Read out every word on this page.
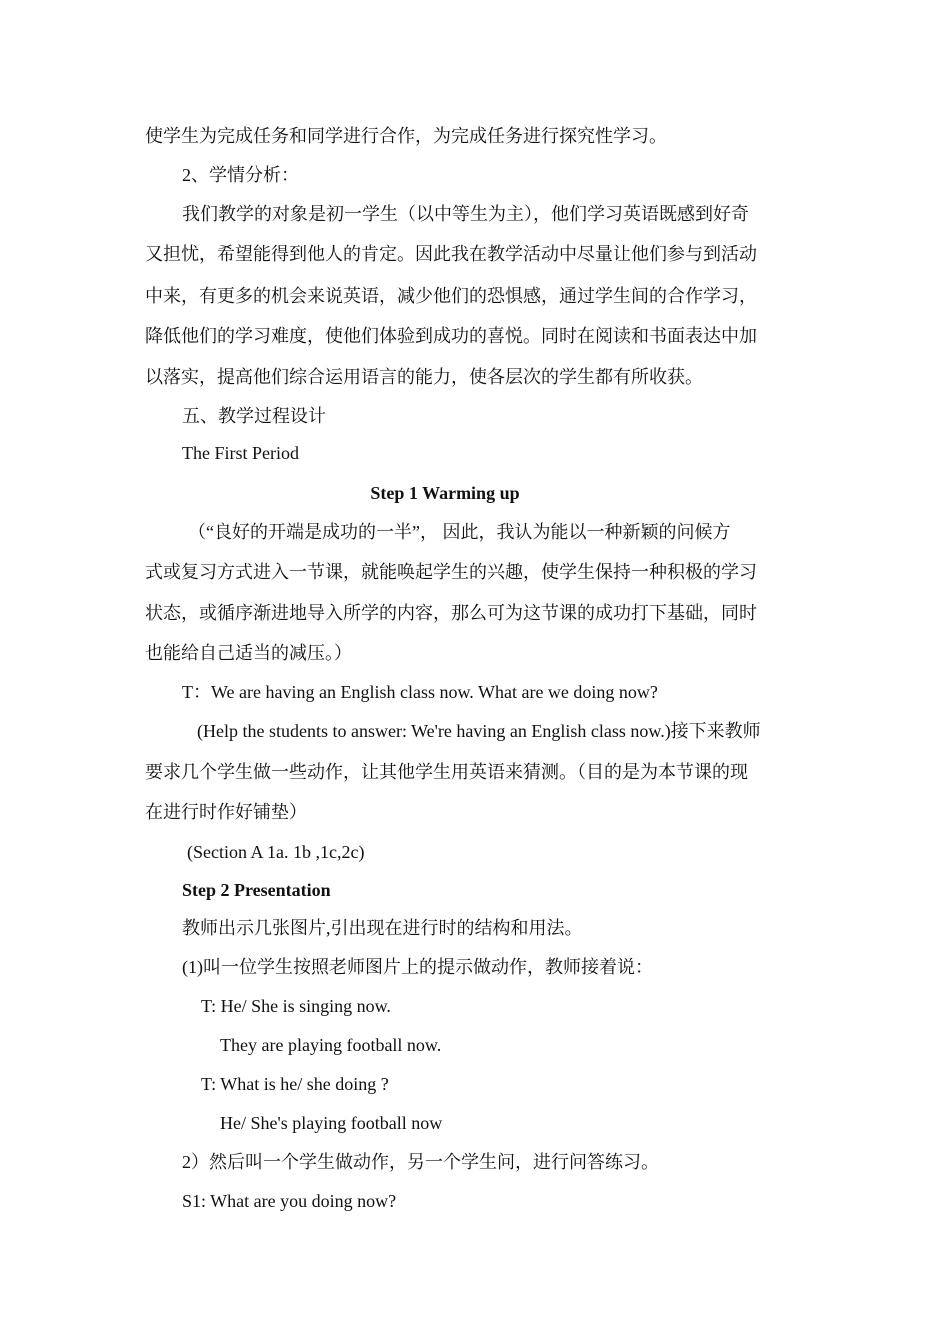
使学生为完成任务和同学进行合作，为完成任务进行探究性学习。
2、学情分析：
我们教学的对象是初一学生（以中等生为主），他们学习英语既感到好奇
又担忧，希望能得到他人的肯定。因此我在教学活动中尽量让他们参与到活动
中来，有更多的机会来说英语，减少他们的恐惧感，通过学生间的合作学习，
降低他们的学习难度，使他们体验到成功的喜悦。同时在阅读和书面表达中加
以落实，提高他们综合运用语言的能力，使各层次的学生都有所收获。
五、教学过程设计
The First Period
Step 1 Warming up
（“良好的开端是成功的一半”， 因此，我认为能以一种新颖的问候方
式或复习方式进入一节课，就能唤起学生的兴趣，使学生保持一种积极的学习
状态，或循序渐进地导入所学的内容，那么可为这节课的成功打下基础，同时
也能给自己适当的减压。）
T：We are having an English class now. What are we doing now?
(Help the students to answer: We're having an English class now.)接下来教师
要求几个学生做一些动作，让其他学生用英语来猜测。（目的是为本节课的现
在进行时作好铺垫）
(Section A 1a. 1b ,1c,2c)
Step 2 Presentation
教师出示几张图片,引出现在进行时的结构和用法。
(1)叫一位学生按照老师图片上的提示做动作，教师接着说：
T: He/ She is singing now.
They are playing football now.
T: What is he/ she doing ?
He/ She's playing football now
2）然后叫一个学生做动作，另一个学生问，进行问答练习。
S1: What are you doing now?
